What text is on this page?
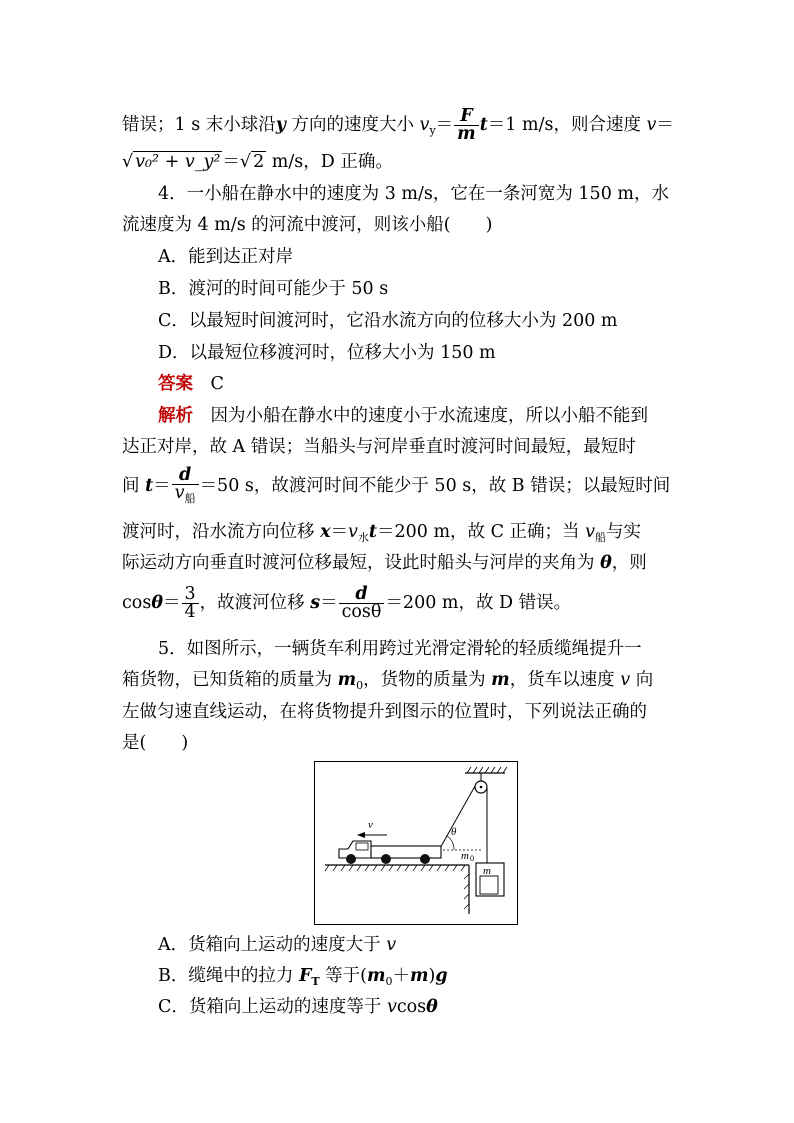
错误；1 s 末小球沿y 方向的速度大小 $v_y= \frac{F}{m} t=1$ m/s，则合速度 v＝
√ v₀² + v_y² ＝√ 2 m/s，D 正确。
4．一小船在静水中的速度为 3 m/s，它在一条河宽为 150 m，水
流速度为 4 m/s 的河流中渡河，则该小船(　　)
A．能到达正对岸
B．渡河的时间可能少于 50 s
C．以最短时间渡河时，它沿水流方向的位移大小为 200 m
D．以最短位移渡河时，位移大小为 150 m
答案　 C
解析　 因为小船在静水中的速度小于水流速度，所以小船不能到
达正对岸，故 A 错误；当船头与河岸垂直时渡河时间最短，最短时
间 $t= \frac{d}{v_船} =50$ s，故渡河时间不能少于 50 s，故 B 错误；以最短时间
渡河时，沿水流方向位移 $x=v_水t=200$ m，故 C 正确；当 $v_船$与实
际运动方向垂直时渡河位移最短，设此时船头与河岸的夹角为 θ，则
$\cos\theta= \frac{3}{4}$ ，故渡河位移 $s= \frac{d}{\cos\theta} =200$ m，故 D 错误。
5．如图所示，一辆货车利用跨过光滑定滑轮的轻质缆绳提升一
箱货物，已知货箱的质量为 $m_0$，货物的质量为 m，货车以速度 v 向
左做匀速直线运动，在将货物提升到图示的位置时，下列说法正确的
是(　　)
θ
v
m 0
m
A．货箱向上运动的速度大于 v
B．缆绳中的拉力 $F_T$ 等于$(m_0+m)g$
C．货箱向上运动的速度等于 vcosθ
